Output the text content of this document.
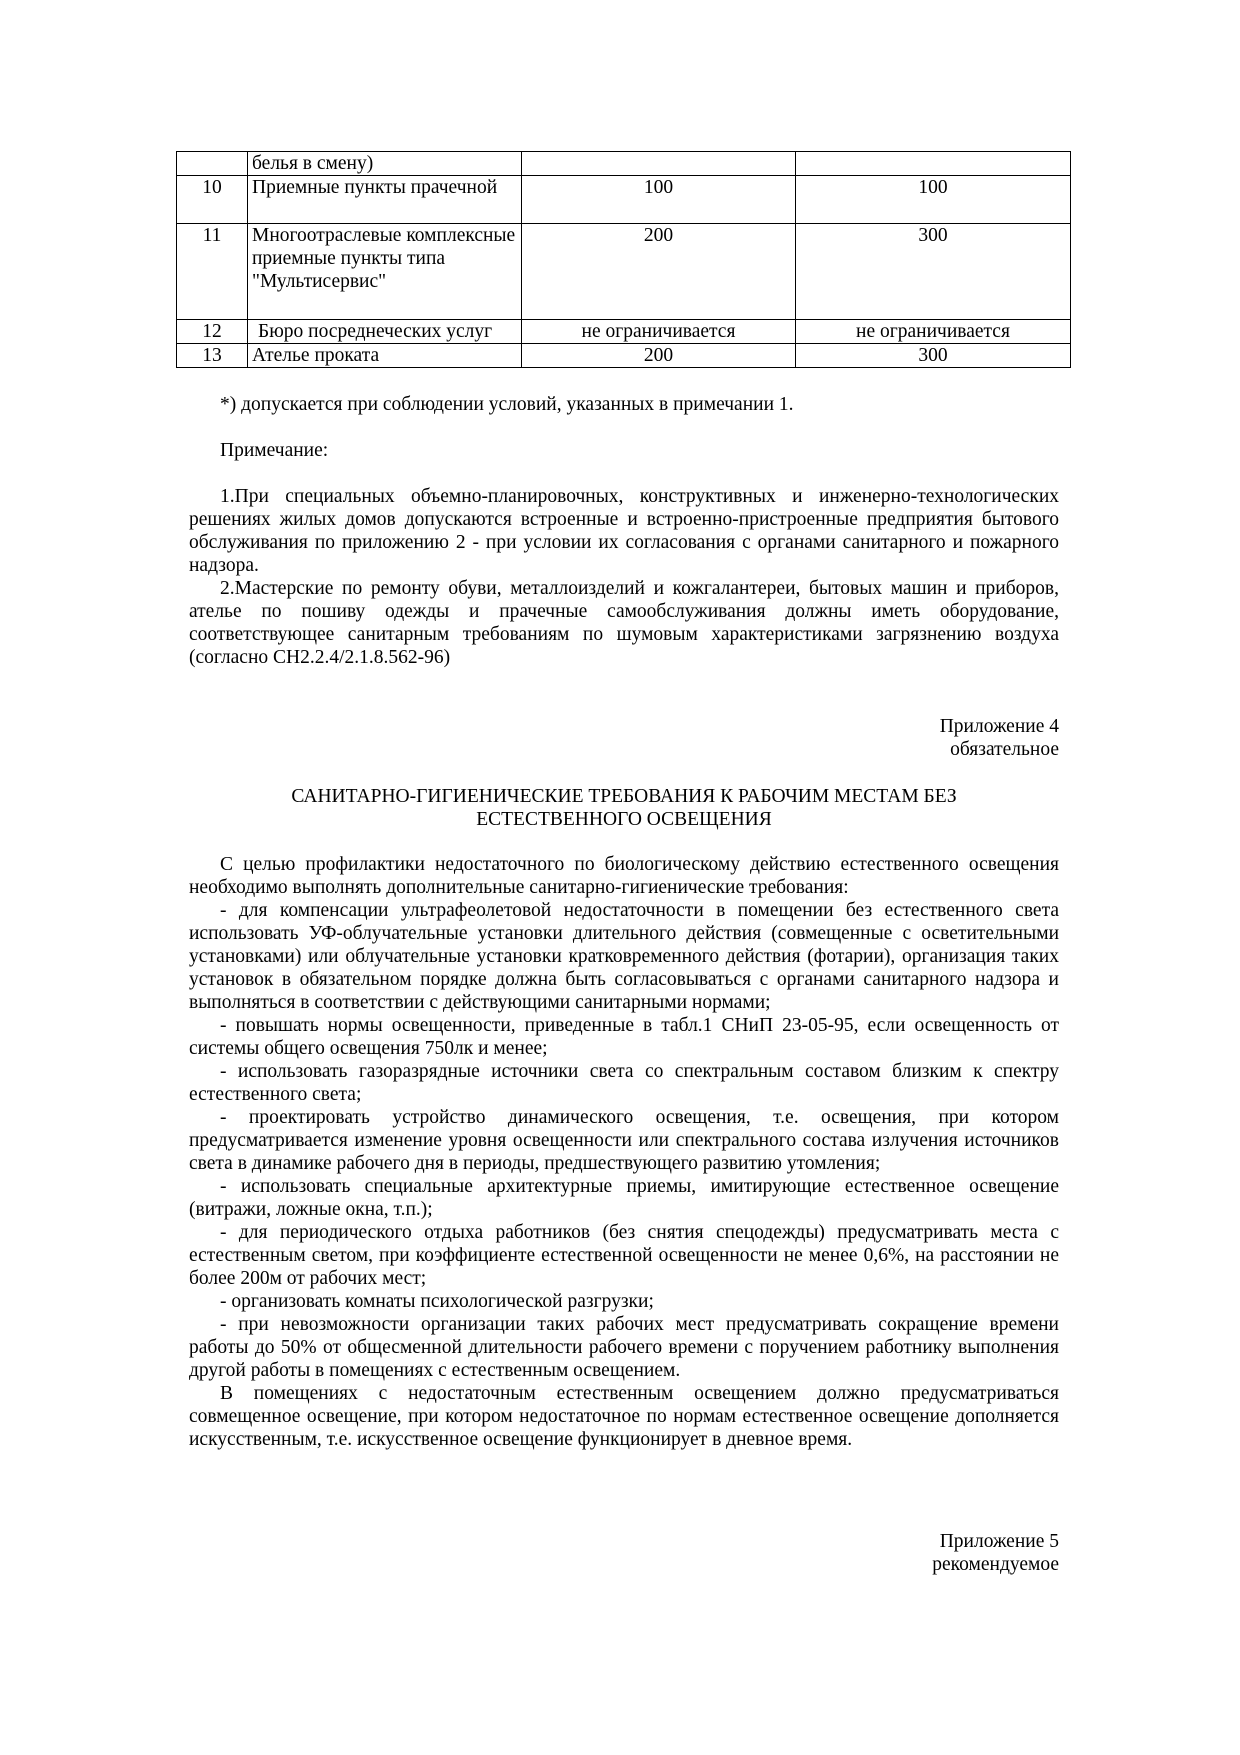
	белья в смену)		
10	Приемные пункты прачечной	100	100
11	Многоотраслевые комплексные приемные пункты типа "Мультисервис"	200	300
12	Бюро посреднеческих услуг	не ограничивается	не ограничивается
13	Ателье проката	200	300

*) допускается при соблюдении условий, указанных в примечании 1.

Примечание:

1.При специальных объемно-планировочных, конструктивных и инженерно-технологических решениях жилых домов допускаются встроенные и встроенно-пристроенные предприятия бытового обслуживания по приложению 2 - при условии их согласования с органами санитарного и пожарного надзора.

2.Мастерские по ремонту обуви, металлоизделий и кожгалантереи, бытовых машин и приборов, ателье по пошиву одежды и прачечные самообслуживания должны иметь оборудование, соответствующее санитарным требованиям по шумовым характеристиками загрязнению воздуха (согласно СН2.2.4/2.1.8.562-96)

Приложение 4

обязательное

САНИТАРНО-ГИГИЕНИЧЕСКИЕ ТРЕБОВАНИЯ К РАБОЧИМ МЕСТАМ БЕЗ

ЕСТЕСТВЕННОГО ОСВЕЩЕНИЯ

С целью профилактики недостаточного по биологическому действию естественного освещения необходимо выполнять дополнительные санитарно-гигиенические требования:

- для компенсации ультрафеолетовой недостаточности в помещении без естественного света использовать УФ-облучательные установки длительного действия (совмещенные с осветительными установками) или облучательные установки кратковременного действия (фотарии), организация таких установок в обязательном порядке должна быть согласовываться с органами санитарного надзора и выполняться в соответствии с действующими санитарными нормами;

- повышать нормы освещенности, приведенные в табл.1 СНиП 23-05-95, если освещенность от системы общего освещения 750лк и менее;

- использовать газоразрядные источники света со спектральным составом близким к спектру естественного света;

- проектировать устройство динамического освещения, т.е. освещения, при котором предусматривается изменение уровня освещенности или спектрального состава излучения источников света в динамике рабочего дня в периоды, предшествующего развитию утомления;

- использовать специальные архитектурные приемы, имитирующие естественное освещение (витражи, ложные окна, т.п.);

- для периодического отдыха работников (без снятия спецодежды) предусматривать места с естественным светом, при коэффициенте естественной освещенности не менее 0,6%, на расстоянии не более 200м от рабочих мест;

- организовать комнаты психологической разгрузки;

- при невозможности организации таких рабочих мест предусматривать сокращение времени работы до 50% от общесменной длительности рабочего времени с поручением работнику выполнения другой работы в помещениях с естественным освещением.

В помещениях с недостаточным естественным освещением должно предусматриваться совмещенное освещение, при котором недостаточное по нормам естественное освещение дополняется искусственным, т.е. искусственное освещение функционирует в дневное время.

Приложение 5

рекомендуемое
